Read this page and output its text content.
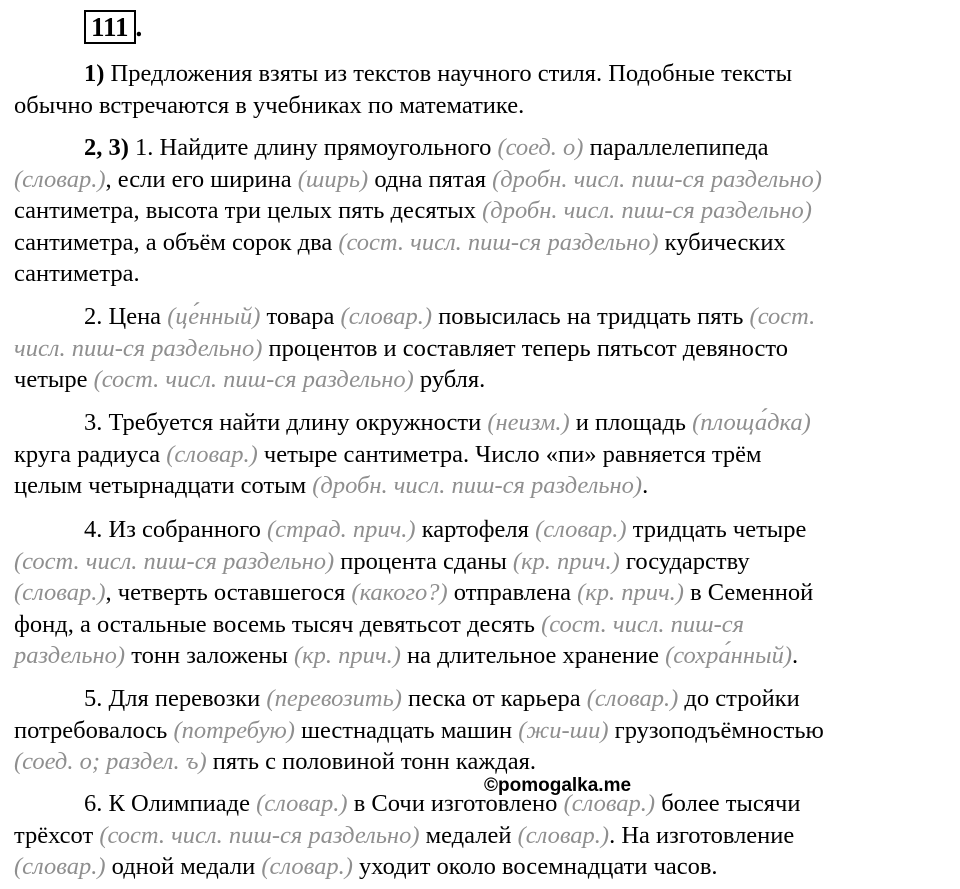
111 .
1) Предложения взяты из текстов научного стиля. Подобные тексты
обычно встречаются в учебниках по математике.
2, 3) 1. Найдите длину прямоугольного (соед. о) параллелепипеда
(словар.), если его ширина (ширь) одна пятая (дробн. числ. пиш-ся раздельно)
сантиметра, высота три целых пять десятых (дробн. числ. пиш-ся раздельно)
сантиметра, а объём сорок два (сост. числ. пиш-ся раздельно) кубических
сантиметра.
2. Цена (це́нный) товара (словар.) повысилась на тридцать пять (сост.
числ. пиш-ся раздельно) процентов и составляет теперь пятьсот девяносто
четыре (сост. числ. пиш-ся раздельно) рубля.
3. Требуется найти длину окружности (неизм.) и площадь (площа́дка)
круга радиуса (словар.) четыре сантиметра. Число «пи» равняется трём
целым четырнадцати сотым (дробн. числ. пиш-ся раздельно).
4. Из собранного (страд. прич.) картофеля (словар.) тридцать четыре
(сост. числ. пиш-ся раздельно) процента сданы (кр. прич.) государству
(словар.), четверть оставшегося (какого?) отправлена (кр. прич.) в Семенной
фонд, а остальные восемь тысяч девятьсот десять (сост. числ. пиш-ся
раздельно) тонн заложены (кр. прич.) на длительное хранение (сохра́нный).
5. Для перевозки (перевозить) песка от карьера (словар.) до стройки
потребовалось (потребую) шестнадцать машин (жи-ши) грузоподъёмностью
(соед. о; раздел. ъ) пять с половиной тонн каждая.
6. К Олимпиаде (словар.) в Сочи изготовлено (словар.) более тысячи
трёхсот (сост. числ. пиш-ся раздельно) медалей (словар.). На изготовление
(словар.) одной медали (словар.) уходит около восемнадцати часов.
©pomogalka.me
